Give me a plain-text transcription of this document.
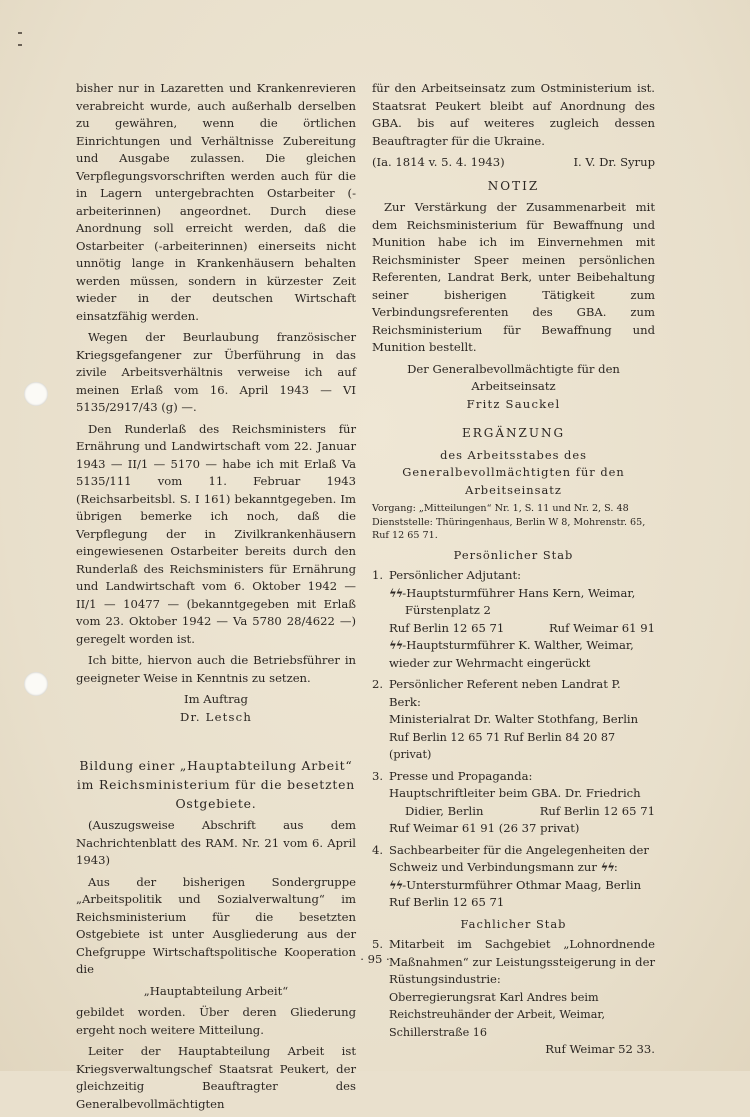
bisher nur in Lazaretten und Krankenrevieren verabreicht wurde, auch außerhalb derselben zu gewähren, wenn die örtlichen Einrichtungen und Verhältnisse Zubereitung und Ausgabe zulassen. Die gleichen Verpflegungsvorschriften werden auch für die in Lagern untergebrachten Ostarbeiter (-arbeiterinnen) angeordnet. Durch diese Anordnung soll erreicht werden, daß die Ostarbeiter (-arbeiterinnen) einerseits nicht unnötig lange in Krankenhäusern behalten werden müssen, sondern in kürzester Zeit wieder in der deutschen Wirtschaft einsatzfähig werden.

Wegen der Beurlaubung französischer Kriegsgefangener zur Überführung in das zivile Arbeitsverhältnis verweise ich auf meinen Erlaß vom 16. April 1943 — VI 5135/2917/43 (g) —.

Den Runderlaß des Reichsministers für Ernährung und Landwirtschaft vom 22. Januar 1943 — II/1 — 5170 — habe ich mit Erlaß Va 5135/111 vom 11. Februar 1943 (Reichsarbeitsbl. S. I 161) bekanntgegeben. Im übrigen bemerke ich noch, daß die Verpflegung der in Zivilkrankenhäusern eingewiesenen Ostarbeiter bereits durch den Runderlaß des Reichsministers für Ernährung und Landwirtschaft vom 6. Oktober 1942 — II/1 — 10477 — (bekanntgegeben mit Erlaß vom 23. Oktober 1942 — Va 5780 28/4622 —) geregelt worden ist.

Ich bitte, hiervon auch die Betriebsführer in geeigneter Weise in Kenntnis zu setzen.

Im Auftrag
Dr. Letsch
Bildung einer „Hauptabteilung Arbeit“ im Reichsministerium für die besetzten Ostgebiete.

(Auszugsweise Abschrift aus dem Nachrichtenblatt des RAM. Nr. 21 vom 6. April 1943)

Aus der bisherigen Sondergruppe „Arbeitspolitik und Sozialverwaltung“ im Reichsministerium für die besetzten Ostgebiete ist unter Ausgliederung aus der Chefgruppe Wirtschaftspolitische Kooperation die

„Hauptabteilung Arbeit“

gebildet worden. Über deren Gliederung ergeht noch weitere Mitteilung.

Leiter der Hauptabteilung Arbeit ist Kriegsverwaltungschef Staatsrat Peukert, der gleichzeitig Beauftragter des Generalbevollmächtigten

für den Arbeitseinsatz zum Ostministerium ist. Staatsrat Peukert bleibt auf Anordnung des GBA. bis auf weiteres zugleich dessen Beauftragter für die Ukraine.

(Ia. 1814 v. 5. 4. 1943)	I. V. Dr. Syrup
NOTIZ

Zur Verstärkung der Zusammenarbeit mit dem Reichsministerium für Bewaffnung und Munition habe ich im Einvernehmen mit Reichsminister Speer meinen persönlichen Referenten, Landrat Berk, unter Beibehaltung seiner bisherigen Tätigkeit zum Verbindungsreferenten des GBA. zum Reichsministerium für Bewaffnung und Munition bestellt.

Der Generalbevollmächtigte für den
Arbeitseinsatz
Fritz Sauckel
ERGÄNZUNG
des Arbeitsstabes des Generalbevollmächtigten für den Arbeitseinsatz
Vorgang: „Mitteilungen“ Nr. 1, S. 11 und Nr. 2, S. 48
Dienststelle: Thüringenhaus, Berlin W 8, Mohrenstr. 65,
Ruf 12 65 71.
Persönlicher Stab
1. Persönlicher Adjutant:
ϟϟ-Hauptsturmführer Hans Kern, Weimar,
Fürstenplatz 2
Ruf Berlin 12 65 71	Ruf Weimar 61 91
ϟϟ-Hauptsturmführer K. Walther, Weimar,
wieder zur Wehrmacht eingerückt
2. Persönlicher Referent neben Landrat P. Berk:
Ministerialrat Dr. Walter Stothfang, Berlin
Ruf Berlin 12 65 71 Ruf Berlin 84 20 87 (privat)
3. Presse und Propaganda:
Hauptschriftleiter beim GBA. Dr. Friedrich
Didier, Berlin	Ruf Berlin 12 65 71
Ruf Weimar 61 91 (26 37 privat)
4. Sachbearbeiter für die Angelegenheiten der
Schweiz und Verbindungsmann zur ϟϟ:
ϟϟ-Untersturmführer Othmar Maag, Berlin
Ruf Berlin 12 65 71
Fachlicher Stab
5. Mitarbeit im Sachgebiet „Lohnordnende Maßnahmen“ zur Leistungssteigerung in der Rüstungsindustrie:
Oberregierungsrat Karl Andres beim Reichstreuhänder der Arbeit, Weimar, Schillerstraße 16
Ruf Weimar 52 33.
· 95 ·
